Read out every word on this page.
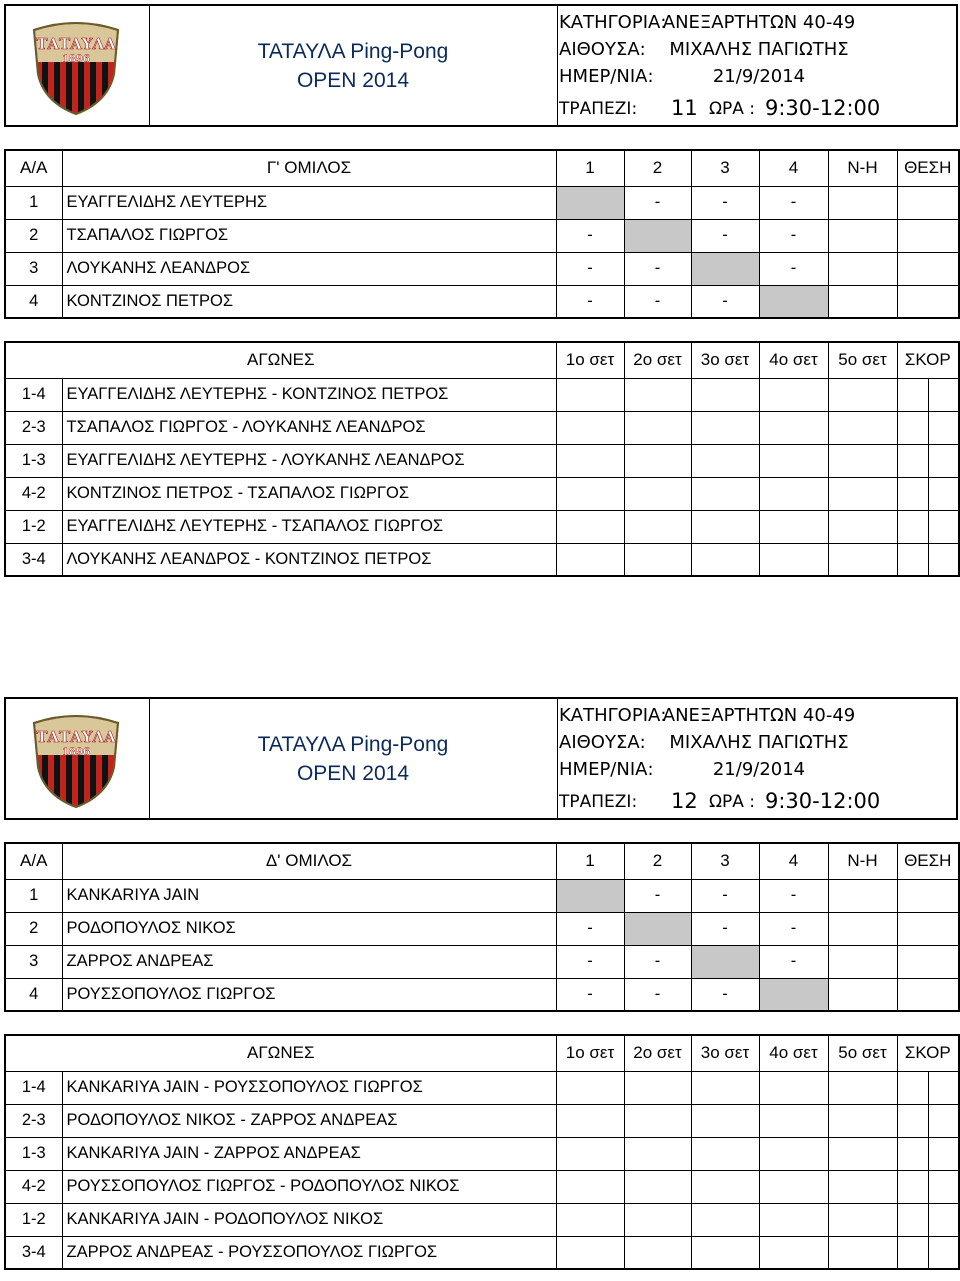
ΤΑΤΑΥΛΑ
1896	ΤΑΤΑΥΛΑ Ping-Pong
OPEN 2014
ΚΑΤΗΓΟΡΙΑ:
ΑΝΕΞΑΡΤΗΤΩΝ 40-49
ΑΙΘΟΥΣΑ:	ΜΙΧΑΛΗΣ ΠΑΓΙΩΤΗΣ
ΗΜΕΡ/ΝΙΑ:	21/9/2014
ΤΡΑΠΕΖΙ: 11 ΩΡΑ : 9:30-12:00
Α/Α	Γ' ΟΜΙΛΟΣ	1	2	3	4	Ν-Η	ΘΕΣΗ
1	ΕΥΑΓΓΕΛΙΔΗΣ ΛΕΥΤΕΡΗΣ		-	-	-		
2	ΤΣΑΠΑΛΟΣ ΓΙΩΡΓΟΣ	-		-	-		
3	ΛΟΥΚΑΝΗΣ ΛΕΑΝΔΡΟΣ	-	-		-		
4	ΚΟΝΤΖΙΝΟΣ ΠΕΤΡΟΣ	-	-	-			
ΑΓΩΝΕΣ		1ο σετ	2ο σετ	3ο σετ	4ο σετ	5ο σετ	ΣΚΟΡ	
1-4	ΕΥΑΓΓΕΛΙΔΗΣ ΛΕΥΤΕΡΗΣ - ΚΟΝΤΖΙΝΟΣ ΠΕΤΡΟΣ							
2-3	ΤΣΑΠΑΛΟΣ ΓΙΩΡΓΟΣ - ΛΟΥΚΑΝΗΣ ΛΕΑΝΔΡΟΣ							
1-3	ΕΥΑΓΓΕΛΙΔΗΣ ΛΕΥΤΕΡΗΣ - ΛΟΥΚΑΝΗΣ ΛΕΑΝΔΡΟΣ							
4-2	ΚΟΝΤΖΙΝΟΣ ΠΕΤΡΟΣ - ΤΣΑΠΑΛΟΣ ΓΙΩΡΓΟΣ							
1-2	ΕΥΑΓΓΕΛΙΔΗΣ ΛΕΥΤΕΡΗΣ - ΤΣΑΠΑΛΟΣ ΓΙΩΡΓΟΣ							
3-4	ΛΟΥΚΑΝΗΣ ΛΕΑΝΔΡΟΣ - ΚΟΝΤΖΙΝΟΣ ΠΕΤΡΟΣ							
ΤΑΤΑΥΛΑ
1896	ΤΑΤΑΥΛΑ Ping-Pong
OPEN 2014
ΚΑΤΗΓΟΡΙΑ:
ΑΝΕΞΑΡΤΗΤΩΝ 40-49
ΑΙΘΟΥΣΑ:	ΜΙΧΑΛΗΣ ΠΑΓΙΩΤΗΣ
ΗΜΕΡ/ΝΙΑ:	21/9/2014
ΤΡΑΠΕΖΙ: 12 ΩΡΑ : 9:30-12:00
Α/Α	Δ' ΟΜΙΛΟΣ	1	2	3	4	Ν-Η	ΘΕΣΗ
1	KANKARIYA JAIN		-	-	-		
2	ΡΟΔΟΠΟΥΛΟΣ ΝΙΚΟΣ	-		-	-		
3	ΖΑΡΡΟΣ ΑΝΔΡΕΑΣ	-	-		-		
4	ΡΟΥΣΣΟΠΟΥΛΟΣ ΓΙΩΡΓΟΣ	-	-	-			
ΑΓΩΝΕΣ		1ο σετ	2ο σετ	3ο σετ	4ο σετ	5ο σετ	ΣΚΟΡ	
1-4	KANKARIYA JAIN - ΡΟΥΣΣΟΠΟΥΛΟΣ ΓΙΩΡΓΟΣ							
2-3	ΡΟΔΟΠΟΥΛΟΣ ΝΙΚΟΣ - ΖΑΡΡΟΣ ΑΝΔΡΕΑΣ							
1-3	KANKARIYA JAIN - ΖΑΡΡΟΣ ΑΝΔΡΕΑΣ							
4-2	ΡΟΥΣΣΟΠΟΥΛΟΣ ΓΙΩΡΓΟΣ - ΡΟΔΟΠΟΥΛΟΣ ΝΙΚΟΣ							
1-2	KANKARIYA JAIN - ΡΟΔΟΠΟΥΛΟΣ ΝΙΚΟΣ							
3-4	ΖΑΡΡΟΣ ΑΝΔΡΕΑΣ - ΡΟΥΣΣΟΠΟΥΛΟΣ ΓΙΩΡΓΟΣ							
